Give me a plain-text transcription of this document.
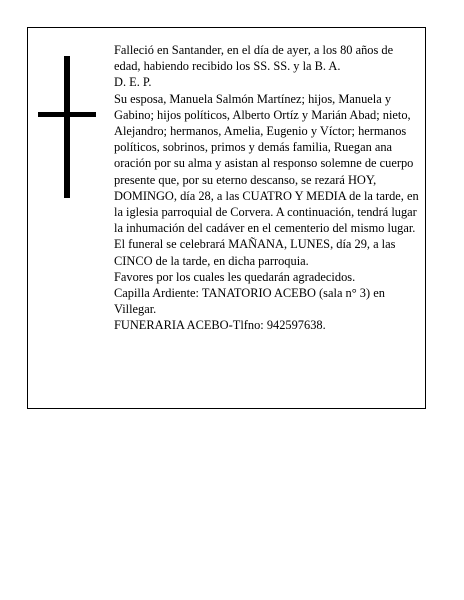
Falleció en Santander, en el día de ayer, a los 80 años de edad, habiendo recibido los SS. SS. y la B. A.

D. E. P.

Su esposa, Manuela Salmón Martínez; hijos, Manuela y Gabino; hijos políticos, Alberto Ortíz y Marián Abad; nieto, Alejandro; hermanos, Amelia, Eugenio y Víctor; hermanos políticos, sobrinos, primos y demás familia, Ruegan ana oración por su alma y asistan al responso solemne de cuerpo presente que, por su eterno descanso, se rezará HOY, DOMINGO, día 28, a las CUATRO Y MEDIA de la tarde, en la iglesia parroquial de Corvera. A continuación, tendrá lugar la inhumación del cadáver en el cementerio del mismo lugar. El funeral se celebrará MAÑANA, LUNES, día 29, a las CINCO de la tarde, en dicha parroquia.

Favores por los cuales les quedarán agradecidos.

Capilla Ardiente: TANATORIO ACEBO (sala n° 3) en Villegar.

FUNERARIA ACEBO-Tlfno: 942597638.
